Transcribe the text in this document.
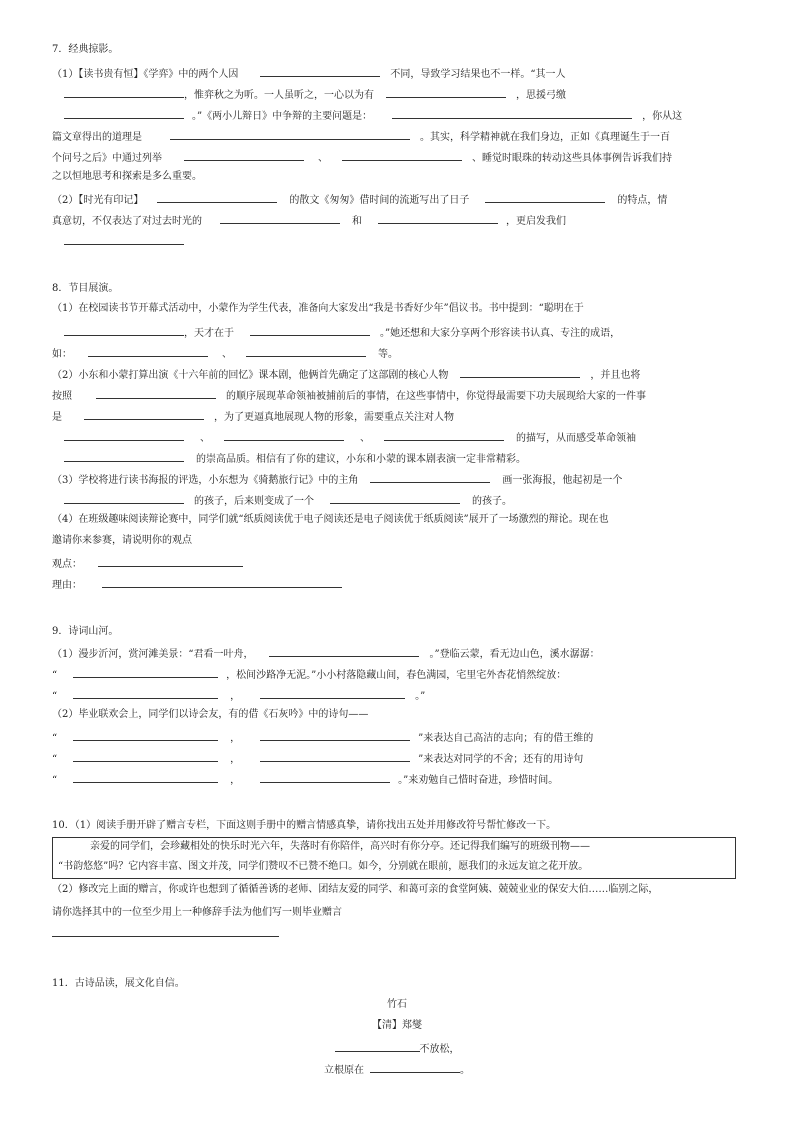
7．经典掠影。
（1）【读书贵有恒】《学弈》中的两个人因	不同，导致学习结果也不一样。“其一人
，惟弈秋之为听。一人虽听之，一心以为有	，思援弓缴
。”《两小儿辩日》中争辩的主要问题是：	，你从这
篇文章得出的道理是	。其实，科学精神就在我们身边，正如《真理诞生于一百
个问号之后》中通过列举	、	、睡觉时眼珠的转动这些具体事例告诉我们持
之以恒地思考和探索是多么重要。
（2）【时光有印记】	的散文《匆匆》借时间的流逝写出了日子	的特点，情
真意切，不仅表达了对过去时光的	和	，更启发我们
8．节目展演。
（1）在校园读书节开幕式活动中，小蒙作为学生代表，准备向大家发出“我是书香好少年”倡议书。书中提到：“聪明在于
，天才在于	。”她还想和大家分享两个形容读书认真、专注的成语，
如：	、	等。
（2）小东和小蒙打算出演《十六年前的回忆》课本剧，他俩首先确定了这部剧的核心人物	，并且也将
按照	的顺序展现革命领袖被捕前后的事情，在这些事情中，你觉得最需要下功夫展现给大家的一件事
是	，为了更逼真地展现人物的形象，需要重点关注对人物
、	、	的描写，从而感受革命领袖
的崇高品质。相信有了你的建议，小东和小蒙的课本剧表演一定非常精彩。
（3）学校将进行读书海报的评选，小东想为《骑鹅旅行记》中的主角	画一张海报，他起初是一个
的孩子，后来则变成了一个	的孩子。
（4）在班级趣味阅读辩论赛中，同学们就“纸质阅读优于电子阅读还是电子阅读优于纸质阅读”展开了一场激烈的辩论。现在也
邀请你来参赛，请说明你的观点
观点：
理由：
9．诗词山河。
（1）漫步沂河，赏河滩美景：“君看一叶舟，	。”登临云蒙，看无边山色，溪水潺潺：
“	，松间沙路净无泥。”小小村落隐藏山间，春色满园，宅里宅外杏花悄然绽放：
“	，	。”
（2）毕业联欢会上，同学们以诗会友，有的借《石灰吟》中的诗句——
“	，	”来表达自己高洁的志向；有的借王维的
“	，	”来表达对同学的不舍；还有的用诗句
“	，	。”来劝勉自己惜时奋进，珍惜时间。
10．（1）阅读手册开辟了赠言专栏，下面这则手册中的赠言情感真挚，请你找出五处并用修改符号帮忙修改一下。
亲爱的同学们，会珍藏相处的快乐时光六年，失落时有你陪伴，高兴时有你分亭。还记得我们编写的班级刊物——
“书韵悠悠”吗？它内容丰富、图文并茂，同学们赞叹不已赞不绝口。如今，分别就在眼前，愿我们的永远友谊之花开放。
（2）修改完上面的赠言，你或许也想到了循循善诱的老师、团结友爱的同学、和蔼可亲的食堂阿姨、兢兢业业的保安大伯……临别之际，
请你选择其中的一位至少用上一种修辞手法为他们写一则毕业赠言
11．古诗品读，展文化自信。
竹石
【清】郑燮
不放松，
立根原在	。
